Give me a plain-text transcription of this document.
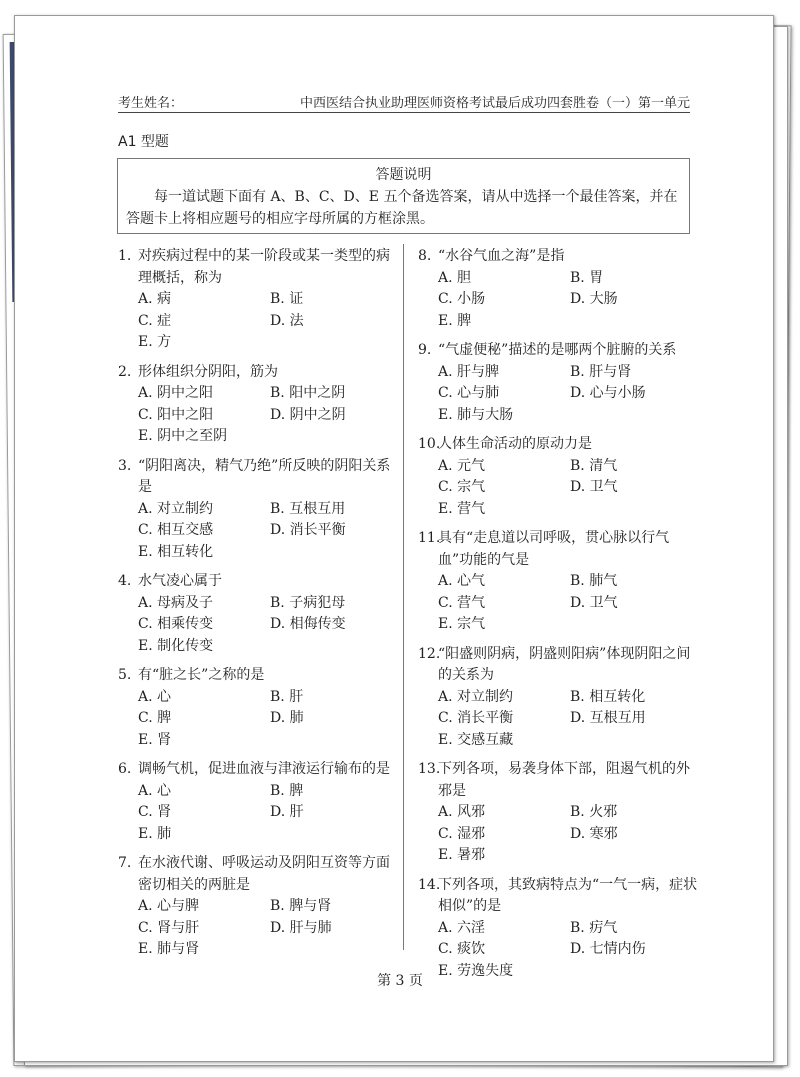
考生姓名：	中西医结合执业助理医师资格考试最后成功四套胜卷（一）第一单元
A1 型题
答题说明
每一道试题下面有 A、B、C、D、E 五个备选答案，请从中选择一个最佳答案，并在答题卡上将相应题号的相应字母所属的方框涂黑。
1. 对疾病过程中的某一阶段或某一类型的病理概括，称为
A. 病	B. 证
C. 症	D. 法
E. 方
2. 形体组织分阴阳，筋为
A. 阴中之阳	B. 阳中之阴
C. 阳中之阳	D. 阴中之阴
E. 阴中之至阴
3. “阴阳离决，精气乃绝”所反映的阴阳关系是
A. 对立制约	B. 互根互用
C. 相互交感	D. 消长平衡
E. 相互转化
4. 水气凌心属于
A. 母病及子	B. 子病犯母
C. 相乘传变	D. 相侮传变
E. 制化传变
5. 有“脏之长”之称的是
A. 心	B. 肝
C. 脾	D. 肺
E. 肾
6. 调畅气机，促进血液与津液运行输布的是
A. 心	B. 脾
C. 肾	D. 肝
E. 肺
7. 在水液代谢、呼吸运动及阴阳互资等方面密切相关的两脏是
A. 心与脾	B. 脾与肾
C. 肾与肝	D. 肝与肺
E. 肺与肾
8. “水谷气血之海”是指
A. 胆	B. 胃
C. 小肠	D. 大肠
E. 脾
9. “气虚便秘”描述的是哪两个脏腑的关系
A. 肝与脾	B. 肝与肾
C. 心与肺	D. 心与小肠
E. 肺与大肠
10.
人体生命活动的原动力是
A. 元气	B. 清气
C. 宗气	D. 卫气
E. 营气
11.
具有“走息道以司呼吸，贯心脉以行气血”功能的气是
A. 心气	B. 肺气
C. 营气	D. 卫气
E. 宗气
12.
“阳盛则阴病，阴盛则阳病”体现阴阳之间的关系为
A. 对立制约	B. 相互转化
C. 消长平衡	D. 互根互用
E. 交感互藏
13.
下列各项，易袭身体下部，阻遏气机的外邪是
A. 风邪	B. 火邪
C. 湿邪	D. 寒邪
E. 暑邪
14.
下列各项，其致病特点为“一气一病，症状相似”的是
A. 六淫	B. 疠气
C. 痰饮	D. 七情内伤
E. 劳逸失度
第 3 页
